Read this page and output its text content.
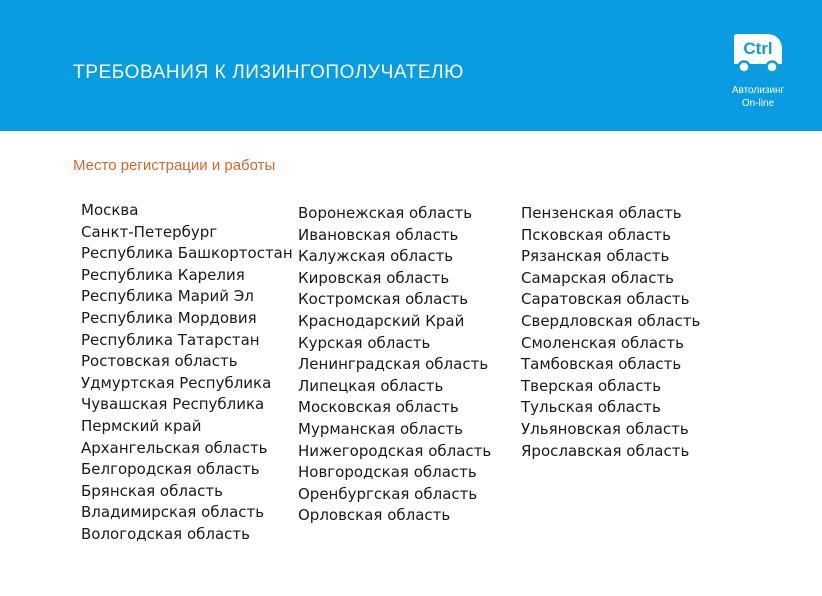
ТРЕБОВАНИЯ К ЛИЗИНГОПОЛУЧАТЕЛЮ
Ctrl
Автолизинг
On-line
Место регистрации и работы
Москва
Санкт-Петербург
Республика Башкортостан
Республика Карелия
Республика Марий Эл
Республика Мордовия
Республика Татарстан
Ростовская область
Удмуртская Республика
Чувашская Республика
Пермский край
Архангельская область
Белгородская область
Брянская область
Владимирская область
Вологодская область
Воронежская область
Ивановская область
Калужская область
Кировская область
Костромская область
Краснодарский Край
Курская область
Ленинградская область
Липецкая область
Московская область
Мурманская область
Нижегородская область
Новгородская область
Оренбургская область
Орловская область
Пензенская область
Псковская область
Рязанская область
Самарская область
Саратовская область
Свердловская область
Смоленская область
Тамбовская область
Тверская область
Тульская область
Ульяновская область
Ярославская область
